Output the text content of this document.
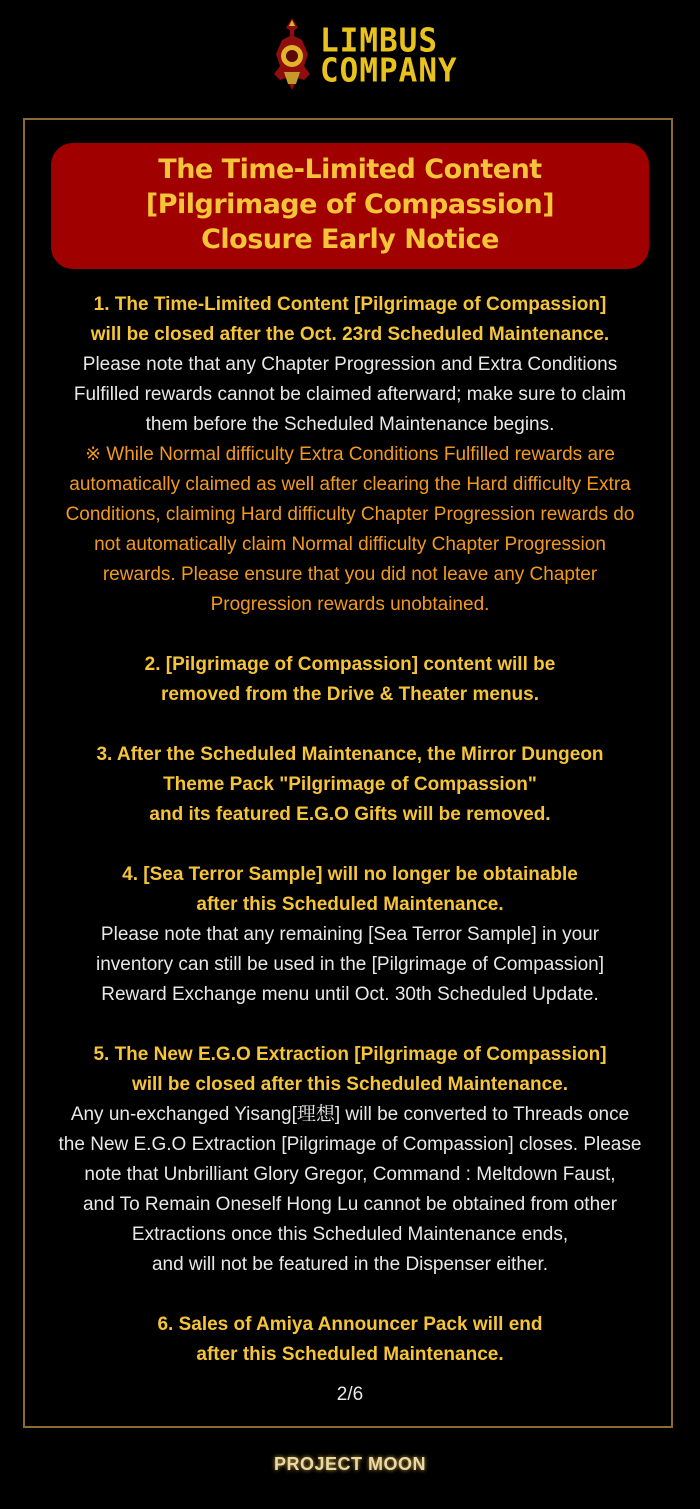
LIMBUS
COMPANY
The Time-Limited Content
[Pilgrimage of Compassion]
Closure Early Notice
1. The Time-Limited Content [Pilgrimage of Compassion]
will be closed after the Oct. 23rd Scheduled Maintenance.
Please note that any Chapter Progression and Extra Conditions
Fulfilled rewards cannot be claimed afterward; make sure to claim
them before the Scheduled Maintenance begins.
※ While Normal difficulty Extra Conditions Fulfilled rewards are
automatically claimed as well after clearing the Hard difficulty Extra
Conditions, claiming Hard difficulty Chapter Progression rewards do
not automatically claim Normal difficulty Chapter Progression
rewards. Please ensure that you did not leave any Chapter
Progression rewards unobtained.
2. [Pilgrimage of Compassion] content will be
removed from the Drive & Theater menus.
3. After the Scheduled Maintenance, the Mirror Dungeon
Theme Pack "Pilgrimage of Compassion"
and its featured E.G.O Gifts will be removed.
4. [Sea Terror Sample] will no longer be obtainable
after this Scheduled Maintenance.
Please note that any remaining [Sea Terror Sample] in your
inventory can still be used in the [Pilgrimage of Compassion]
Reward Exchange menu until Oct. 30th Scheduled Update.
5. The New E.G.O Extraction [Pilgrimage of Compassion]
will be closed after this Scheduled Maintenance.
Any un-exchanged Yisang[理想] will be converted to Threads once
the New E.G.O Extraction [Pilgrimage of Compassion] closes. Please
note that Unbrilliant Glory Gregor, Command : Meltdown Faust,
and To Remain Oneself Hong Lu cannot be obtained from other
Extractions once this Scheduled Maintenance ends,
and will not be featured in the Dispenser either.
6. Sales of Amiya Announcer Pack will end
after this Scheduled Maintenance.
2/6
PROJECT MOON
